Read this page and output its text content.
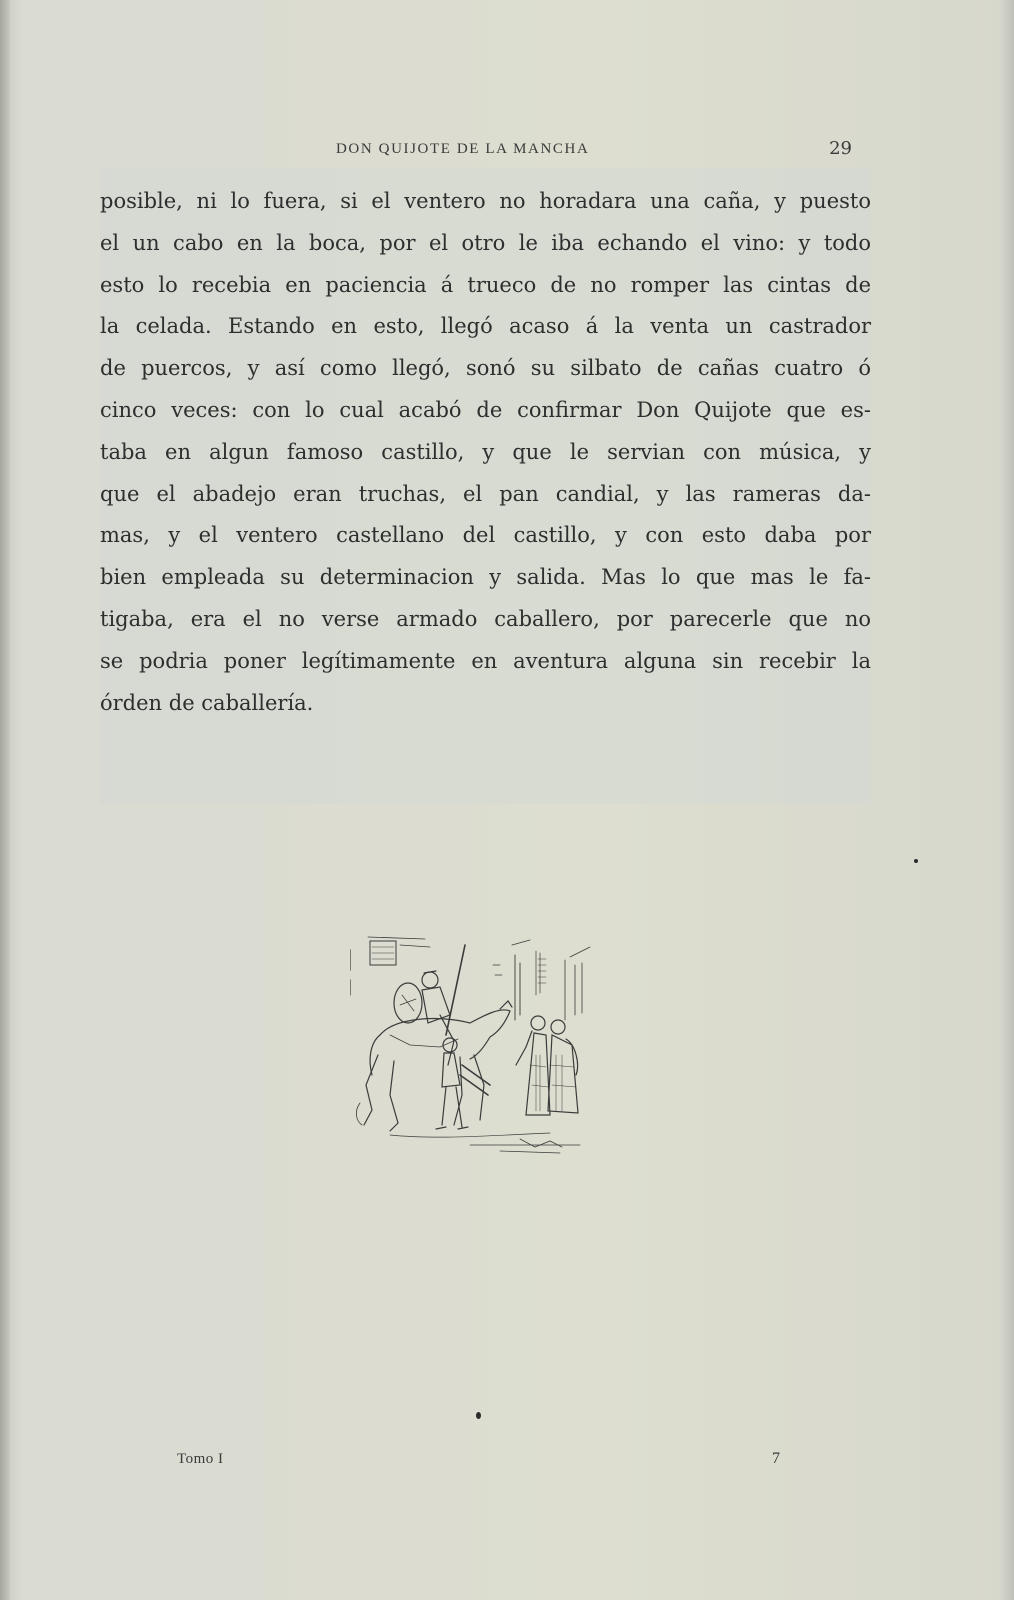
DON QUIJOTE DE LA MANCHA	29
posible, ni lo fuera, si el ventero no horadara una caña, y puesto
el un cabo en la boca, por el otro le iba echando el vino: y todo
esto lo recebia en paciencia á trueco de no romper las cintas de
la celada. Estando en esto, llegó acaso á la venta un castrador
de puercos, y así como llegó, sonó su silbato de cañas cuatro ó
cinco veces: con lo cual acabó de confirmar Don Quijote que es-
taba en algun famoso castillo, y que le servian con música, y
que el abadejo eran truchas, el pan candial, y las rameras da-
mas, y el ventero castellano del castillo, y con esto daba por
bien empleada su determinacion y salida. Mas lo que mas le fa-
tigaba, era el no verse armado caballero, por parecerle que no
se podria poner legítimamente en aventura alguna sin recebir la
órden de caballería.
Tomo I	7
